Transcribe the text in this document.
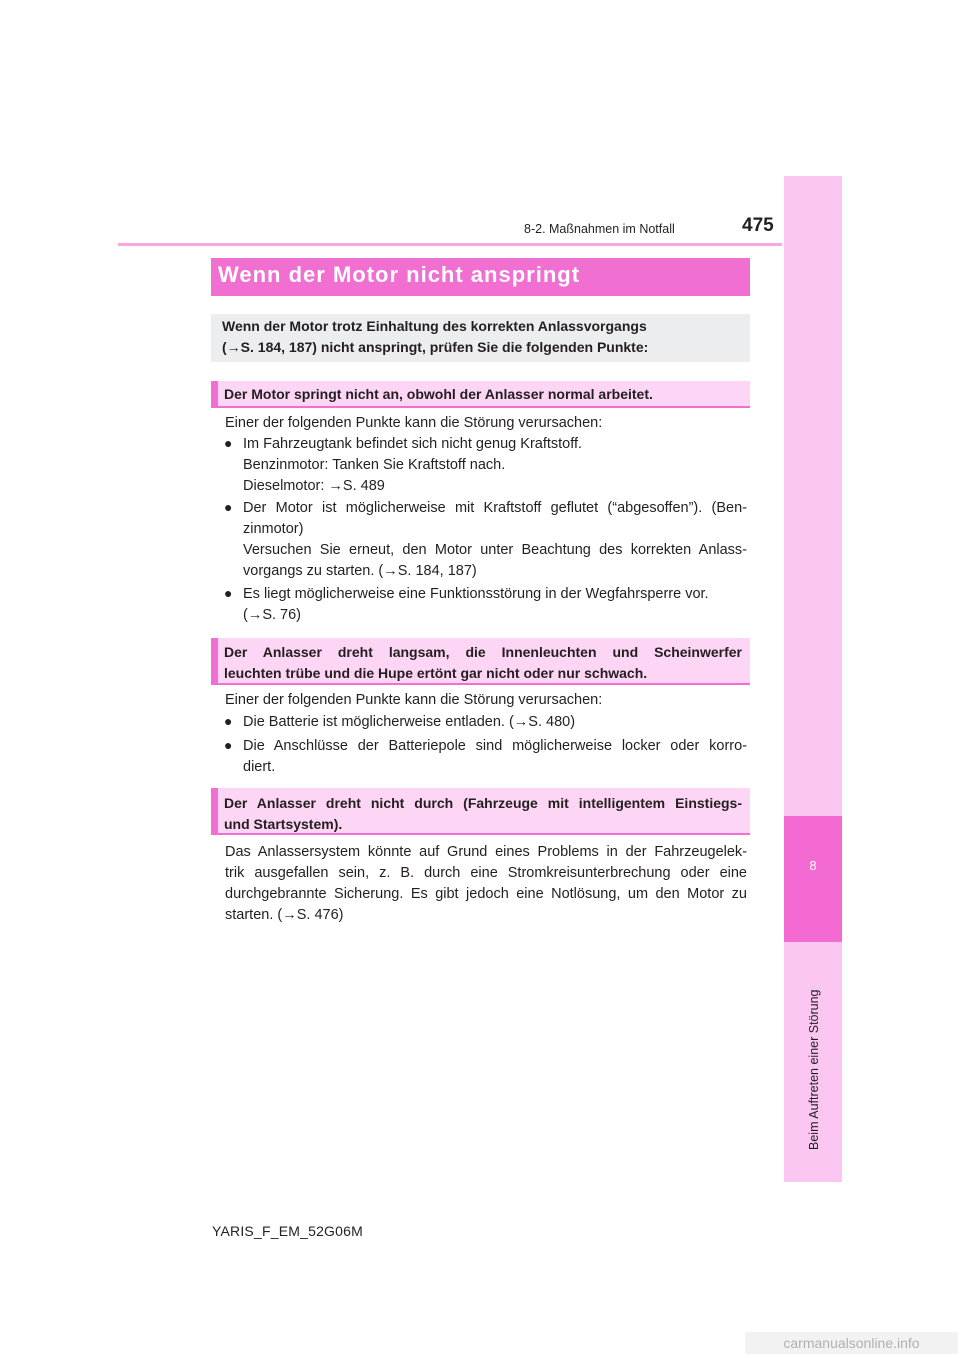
8-2. Maßnahmen im Notfall	475
8
Beim Auftreten einer Störung
Wenn der Motor nicht anspringt
Wenn der Motor trotz Einhaltung des korrekten Anlassvorgangs
(→S. 184, 187) nicht anspringt, prüfen Sie die folgenden Punkte:
Der Motor springt nicht an, obwohl der Anlasser normal arbeitet.
Einer der folgenden Punkte kann die Störung verursachen:
● Im Fahrzeugtank befindet sich nicht genug Kraftstoff.
Benzinmotor: Tanken Sie Kraftstoff nach.
Dieselmotor: →S. 489
● Der Motor ist möglicherweise mit Kraftstoff geflutet (“abgesoffen”). (Ben-
zinmotor)
Versuchen Sie erneut, den Motor unter Beachtung des korrekten Anlass-
vorgangs zu starten. (→S. 184, 187)
● Es liegt möglicherweise eine Funktionsstörung in der Wegfahrsperre vor.
(→S. 76)
Der Anlasser dreht langsam, die Innenleuchten und Scheinwerfer
leuchten trübe und die Hupe ertönt gar nicht oder nur schwach.
Einer der folgenden Punkte kann die Störung verursachen:
● Die Batterie ist möglicherweise entladen. (→S. 480)
● Die Anschlüsse der Batteriepole sind möglicherweise locker oder korro-
diert.
Der Anlasser dreht nicht durch (Fahrzeuge mit intelligentem Einstiegs-
und Startsystem).
Das Anlassersystem könnte auf Grund eines Problems in der Fahrzeugelek-
trik ausgefallen sein, z. B. durch eine Stromkreisunterbrechung oder eine
durchgebrannte Sicherung. Es gibt jedoch eine Notlösung, um den Motor zu
starten. (→S. 476)
YARIS_F_EM_52G06M
carmanualsonline.info
